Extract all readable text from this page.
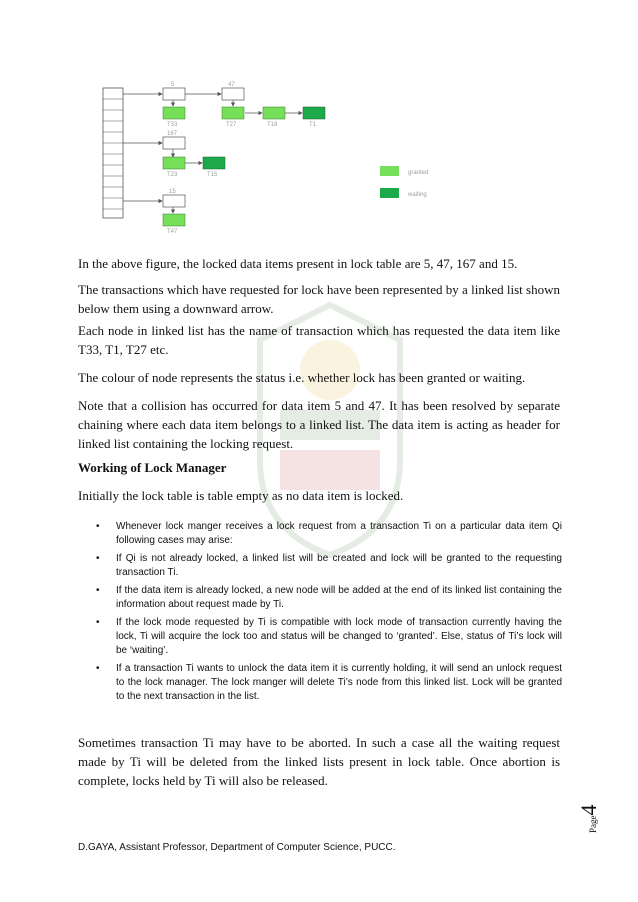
5	47
167
15
T33	T27	T18	T1
T23	T15
T47
granted
waiting

In the above figure, the locked data items present in lock table are 5, 47, 167 and 15.

The transactions which have requested for lock have been represented by a linked list shown below them using a downward arrow.

Each node in linked list has the name of transaction which has requested the data item like T33, T1, T27 etc.

The colour of node represents the status i.e. whether lock has been granted or waiting.

Note that a collision has occurred for data item 5 and 47. It has been resolved by separate chaining where each data item belongs to a linked list. The data item is acting as header for linked list containing the locking request.

Working of Lock Manager

Initially the lock table is table empty as no data item is locked.

• Whenever lock manger receives a lock request from a transaction Ti on a particular data item Qi following cases may arise:
• If Qi is not already locked, a linked list will be created and lock will be granted to the requesting transaction Ti.
• If the data item is already locked, a new node will be added at the end of its linked list containing the information about request made by Ti.
• If the lock mode requested by Ti is compatible with lock mode of transaction currently having the lock, Ti will acquire the lock too and status will be changed to ‘granted’. Else, status of Ti’s lock will be ‘waiting’.
• If a transaction Ti wants to unlock the data item it is currently holding, it will send an unlock request to the lock manager. The lock manger will delete Ti’s node from this linked list. Lock will be granted to the next transaction in the list.

Sometimes transaction Ti may have to be aborted. In such a case all the waiting request made by Ti will be deleted from the linked lists present in lock table. Once abortion is complete, locks held by Ti will also be released.

Page4
D.GAYA, Assistant Professor, Department of Computer Science, PUCC.
